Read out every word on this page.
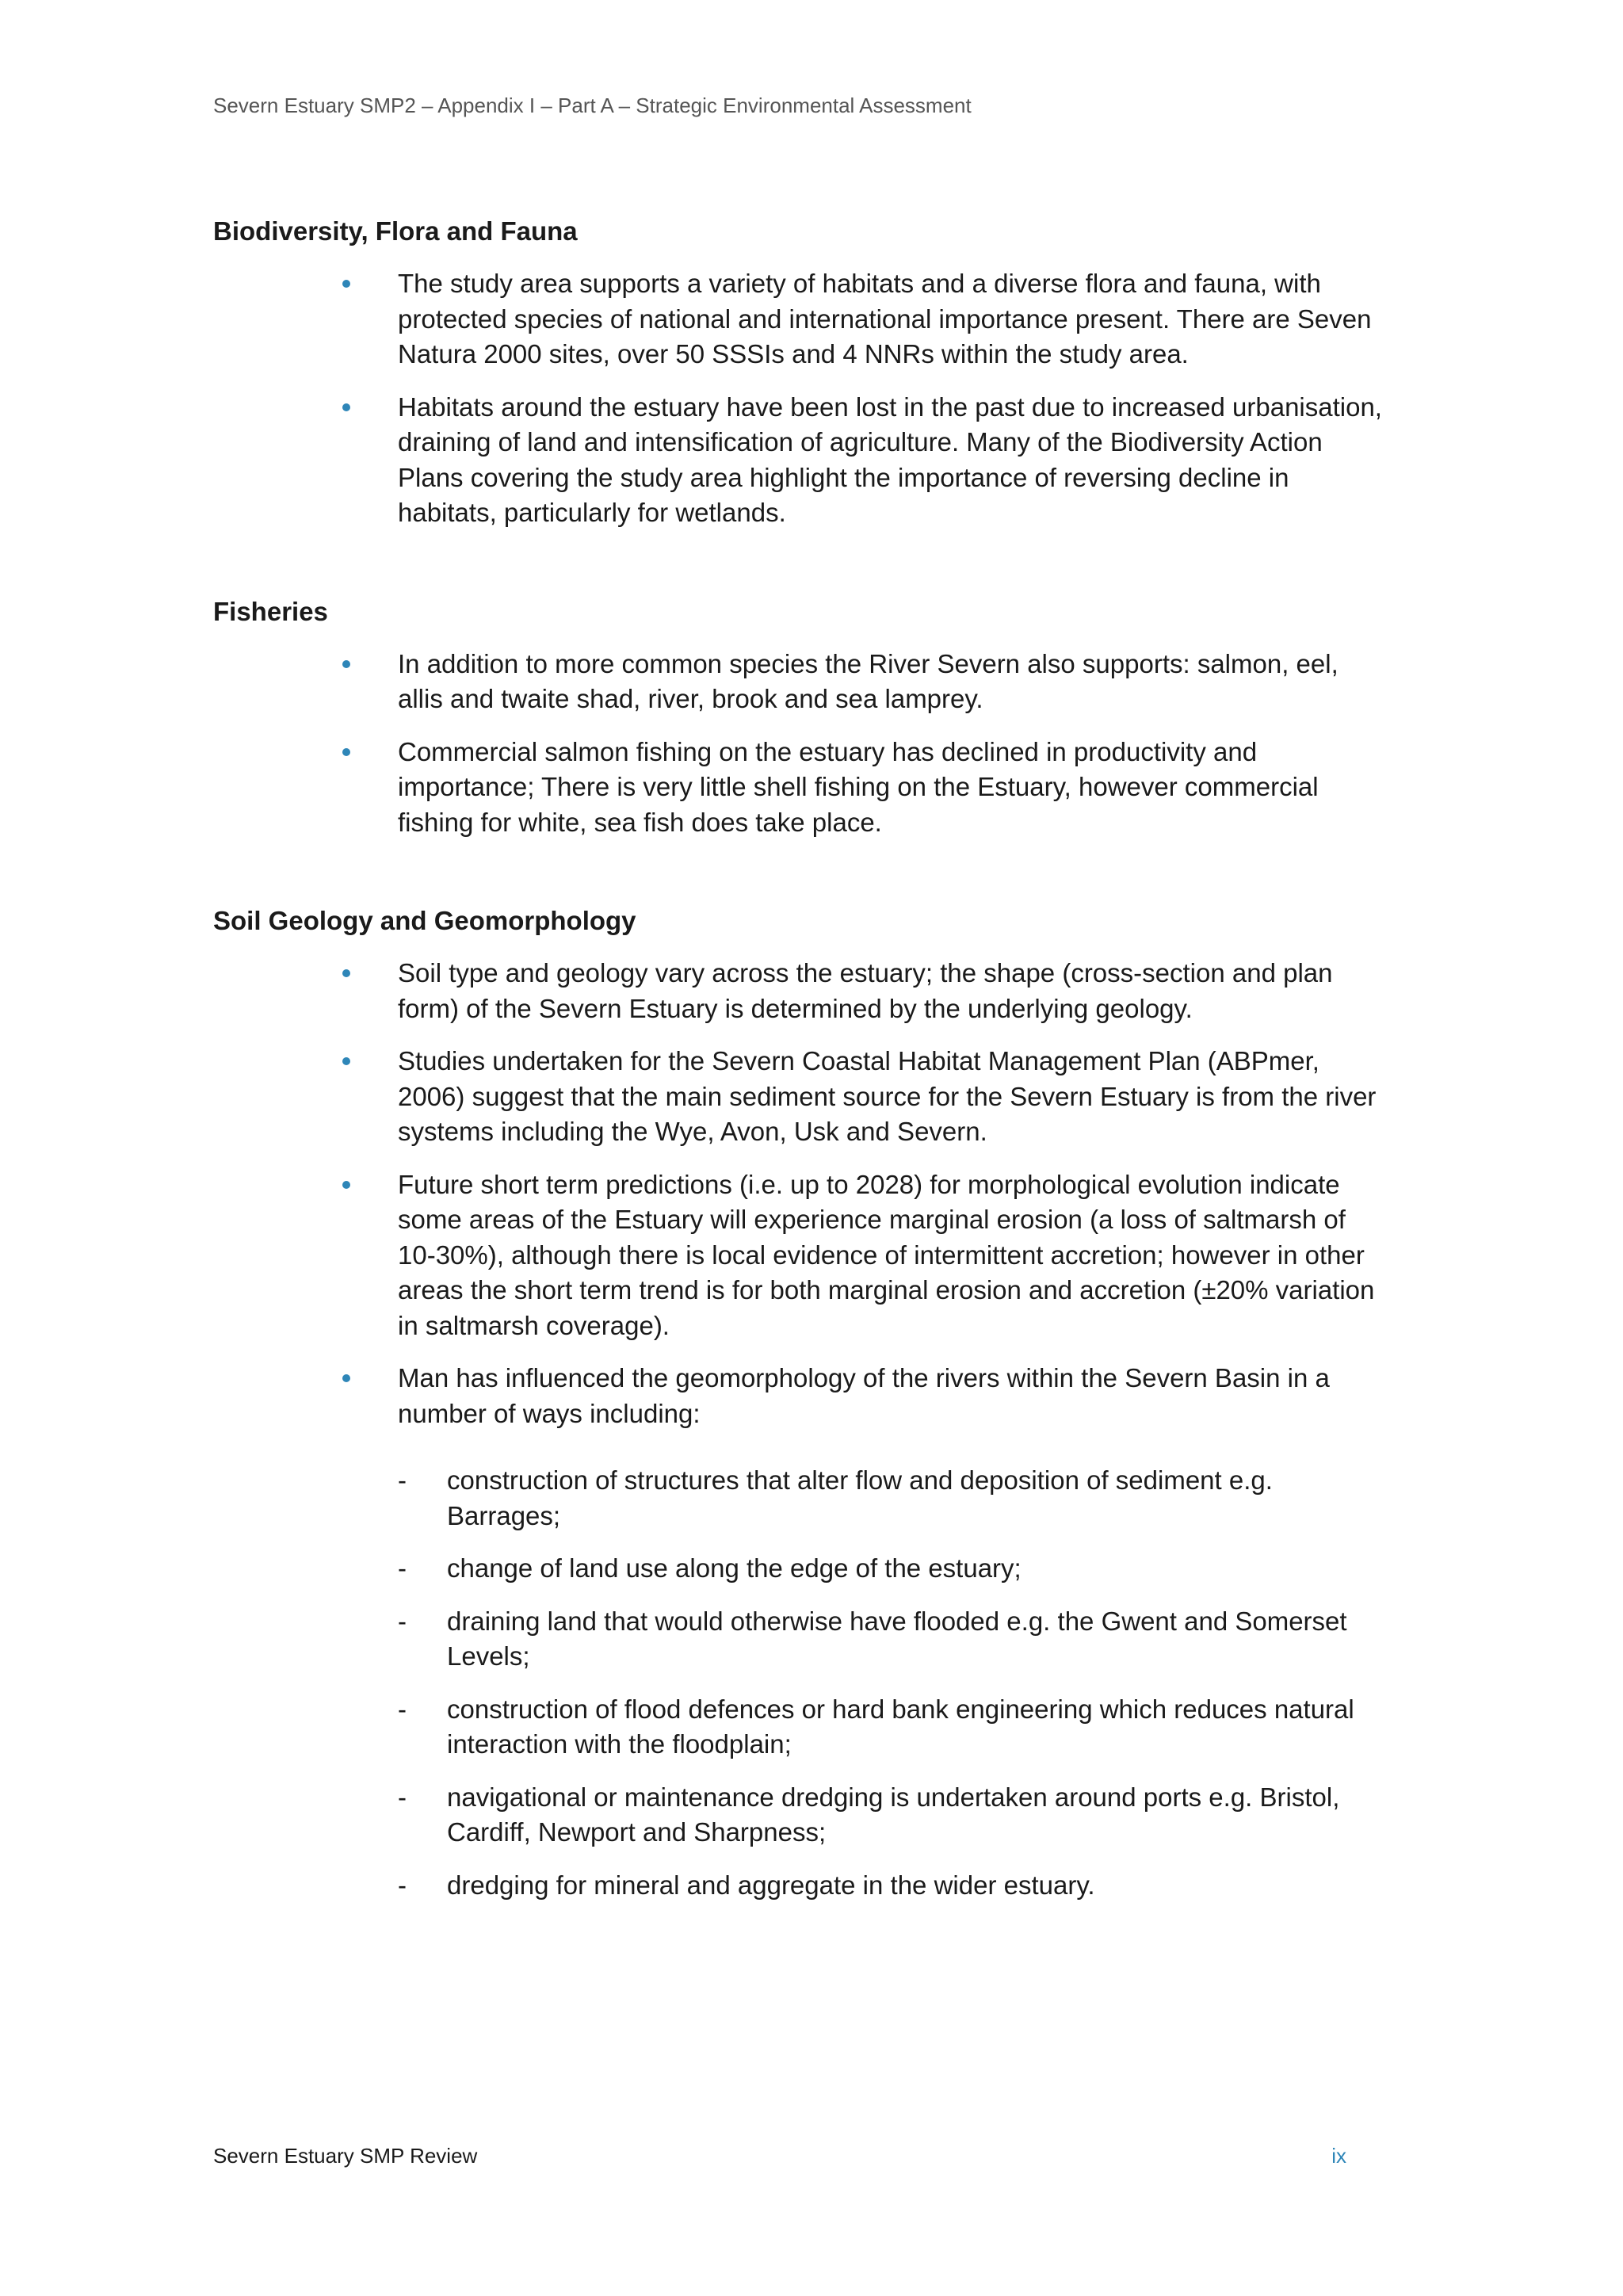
Severn Estuary SMP2 – Appendix I – Part A – Strategic Environmental Assessment
Biodiversity, Flora and Fauna
The study area supports a variety of habitats and a diverse flora and fauna, with protected species of national and international importance present. There are Seven Natura 2000 sites, over 50 SSSIs and 4 NNRs within the study area.
Habitats around the estuary have been lost in the past due to increased urbanisation, draining of land and intensification of agriculture. Many of the Biodiversity Action Plans covering the study area highlight the importance of reversing decline in habitats, particularly for wetlands.
Fisheries
In addition to more common species the River Severn also supports: salmon, eel, allis and twaite shad, river, brook and sea lamprey.
Commercial salmon fishing on the estuary has declined in productivity and importance; There is very little shell fishing on the Estuary, however commercial fishing for white, sea fish does take place.
Soil Geology and Geomorphology
Soil type and geology vary across the estuary; the shape (cross-section and plan form) of the Severn Estuary is determined by the underlying geology.
Studies undertaken for the Severn Coastal Habitat Management Plan (ABPmer, 2006) suggest that the main sediment source for the Severn Estuary is from the river systems including the Wye, Avon, Usk and Severn.
Future short term predictions (i.e. up to 2028) for morphological evolution indicate some areas of the Estuary will experience marginal erosion (a loss of saltmarsh of 10-30%), although there is local evidence of intermittent accretion; however in other areas the short term trend is for both marginal erosion and accretion (±20% variation in saltmarsh coverage).
Man has influenced the geomorphology of the rivers within the Severn Basin in a number of ways including:
- construction of structures that alter flow and deposition of sediment e.g. Barrages;
- change of land use along the edge of the estuary;
- draining land that would otherwise have flooded e.g. the Gwent and Somerset Levels;
- construction of flood defences or hard bank engineering which reduces natural interaction with the floodplain;
- navigational or maintenance dredging is undertaken around ports e.g. Bristol, Cardiff, Newport and Sharpness;
- dredging for mineral and aggregate in the wider estuary.
Severn Estuary SMP Review	ix
